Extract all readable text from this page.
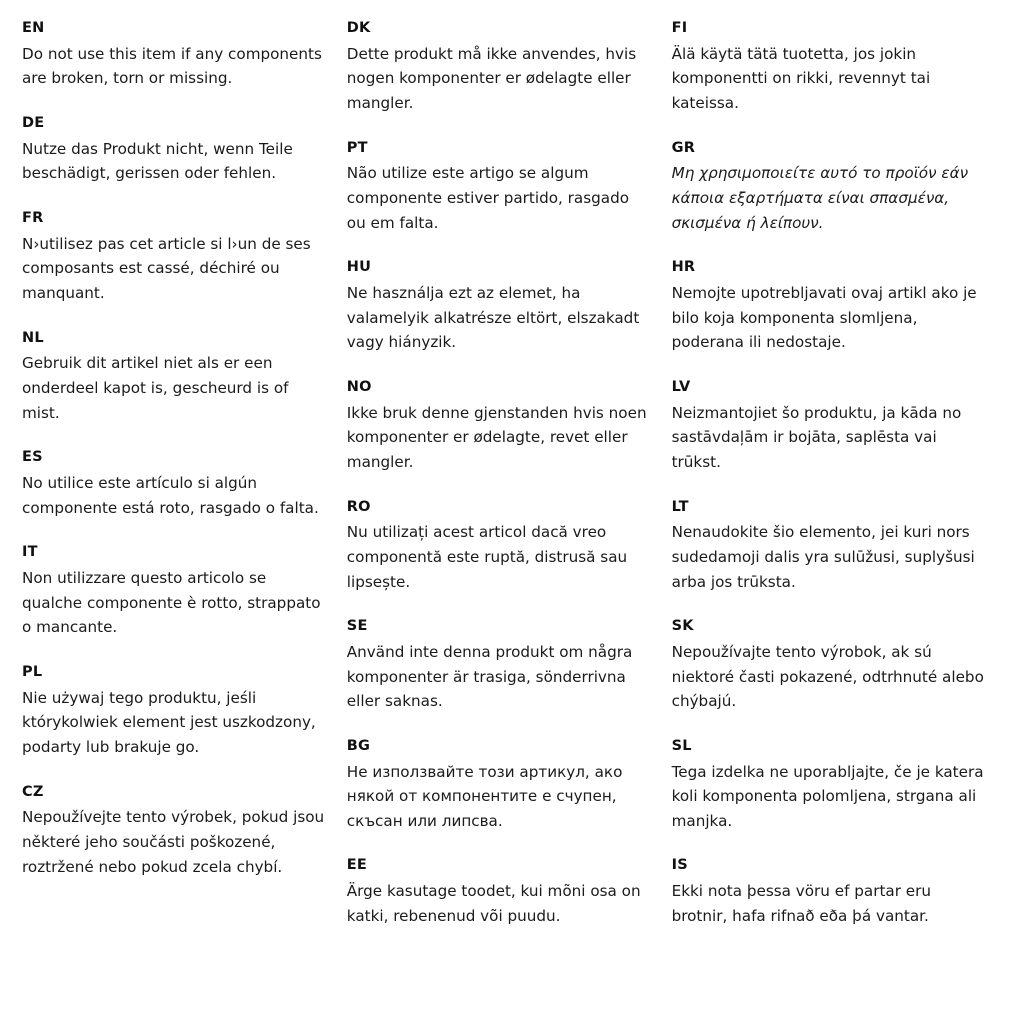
EN
Do not use this item if any components are broken, torn or missing.
DE
Nutze das Produkt nicht, wenn Teile beschädigt, gerissen oder fehlen.
FR
N›utilisez pas cet article si l›un de ses composants est cassé, déchiré ou manquant.
NL
Gebruik dit artikel niet als er een onderdeel kapot is, gescheurd is of mist.
ES
No utilice este artículo si algún componente está roto, rasgado o falta.
IT
Non utilizzare questo articolo se qualche componente è rotto, strappato o mancante.
PL
Nie używaj tego produktu, jeśli którykolwiek element jest uszkodzony, podarty lub brakuje go.
CZ
Nepoužívejte tento výrobek, pokud jsou některé jeho součásti poškozené, roztržené nebo pokud zcela chybí.
DK
Dette produkt må ikke anvendes, hvis nogen komponenter er ødelagte eller mangler.
PT
Não utilize este artigo se algum componente estiver partido, rasgado ou em falta.
HU
Ne használja ezt az elemet, ha valamelyik alkatrésze eltört, elszakadt vagy hiányzik.
NO
Ikke bruk denne gjenstanden hvis noen komponenter er ødelagte, revet eller mangler.
RO
Nu utilizați acest articol dacă vreo componentă este ruptă, distrusă sau lipsește.
SE
Använd inte denna produkt om några komponenter är trasiga, sönderrivna eller saknas.
BG
Не използвайте този артикул, ако някой от компонентите е счупен, скъсан или липсва.
EE
Ärge kasutage toodet, kui mõni osa on katki, rebenenud või puudu.
FI
Älä käytä tätä tuotetta, jos jokin komponentti on rikki, revennyt tai kateissa.
GR
Μη χρησιμοποιείτε αυτό το προϊόν εάν κάποια εξαρτήματα είναι σπασμένα, σκισμένα ή λείπουν.
HR
Nemojte upotrebljavati ovaj artikl ako je bilo koja komponenta slomljena, poderana ili nedostaje.
LV
Neizmantojiet šo produktu, ja kāda no sastāvdaļām ir bojāta, saplēsta vai trūkst.
LT
Nenaudokite šio elemento, jei kuri nors sudedamoji dalis yra sulūžusi, suplyšusi arba jos trūksta.
SK
Nepoužívajte tento výrobok, ak sú niektoré časti pokazené, odtrhnuté alebo chýbajú.
SL
Tega izdelka ne uporabljajte, če je katera koli komponenta polomljena, strgana ali manjka.
IS
Ekki nota þessa vöru ef partar eru brotnir, hafa rifnað eða þá vantar.
